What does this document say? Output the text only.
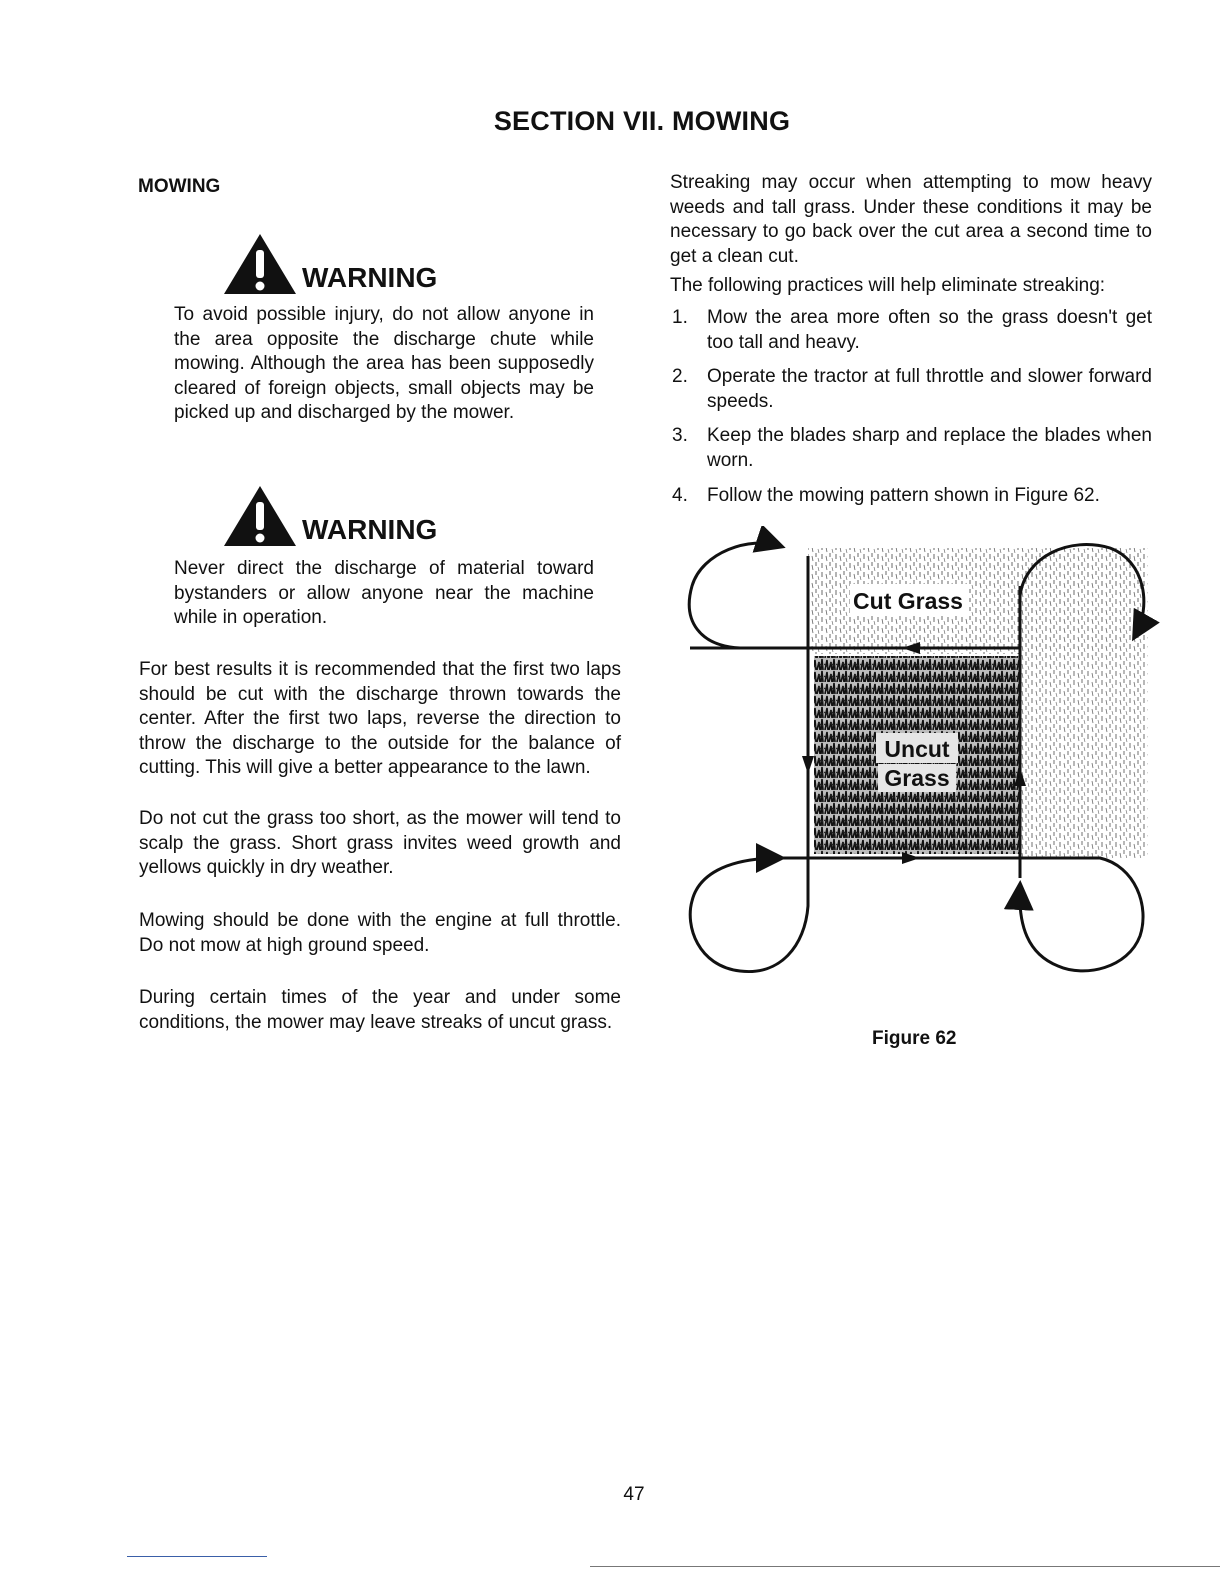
SECTION VII. MOWING
MOWING
WARNING
To avoid possible injury, do not allow anyone in the area opposite the discharge chute while mowing. Although the area has been supposedly cleared of foreign objects, small objects may be picked up and discharged by the mower.
WARNING
Never direct the discharge of material toward bystanders or allow anyone near the machine while in operation.
For best results it is recommended that the first two laps should be cut with the discharge thrown towards the center. After the first two laps, reverse the direction to throw the discharge to the outside for the balance of cutting. This will give a better appearance to the lawn.
Do not cut the grass too short, as the mower will tend to scalp the grass. Short grass invites weed growth and yellows quickly in dry weather.
Mowing should be done with the engine at full throttle. Do not mow at high ground speed.
During certain times of the year and under some conditions, the mower may leave streaks of uncut grass.
Streaking may occur when attempting to mow heavy weeds and tall grass. Under these conditions it may be necessary to go back over the cut area a second time to get a clean cut.
The following practices will help eliminate streaking:
1. Mow the area more often so the grass doesn't get too tall and heavy.
2. Operate the tractor at full throttle and slower forward speeds.
3. Keep the blades sharp and replace the blades when worn.
4. Follow the mowing pattern shown in Figure 62.
Cut Grass
Uncut
Grass
Figure 62
47
